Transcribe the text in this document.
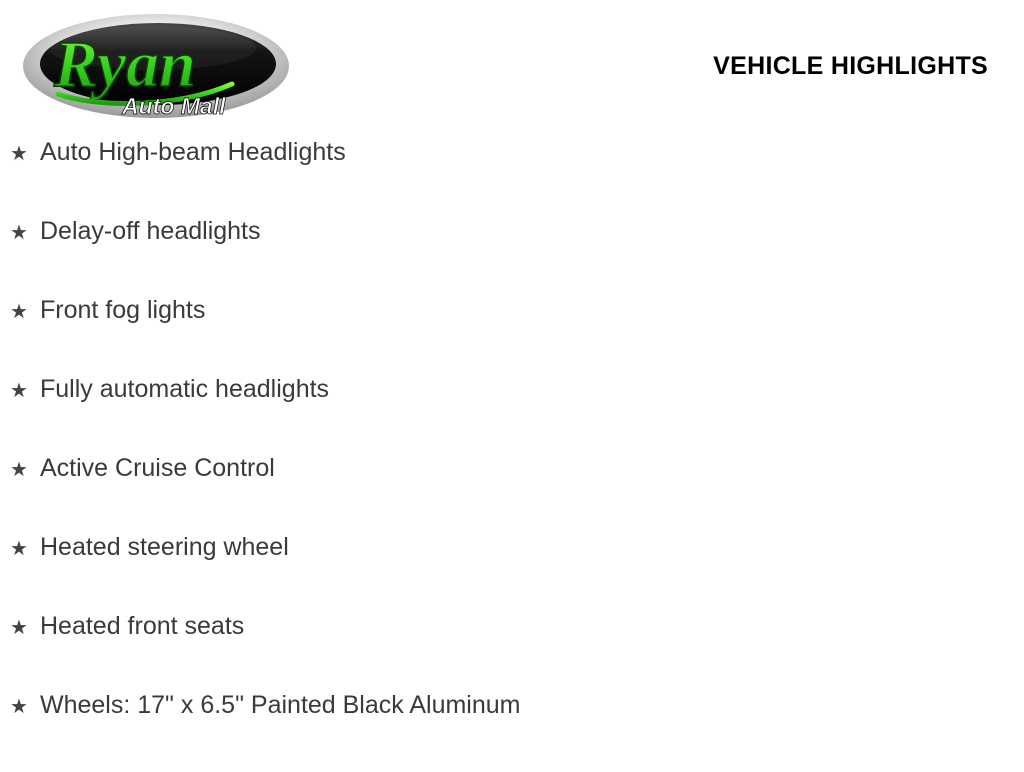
Ryan
Auto Mall
VEHICLE HIGHLIGHTS
★ Auto High-beam Headlights
★ Delay-off headlights
★ Front fog lights
★ Fully automatic headlights
★ Active Cruise Control
★ Heated steering wheel
★ Heated front seats
★ Wheels: 17" x 6.5" Painted Black Aluminum
